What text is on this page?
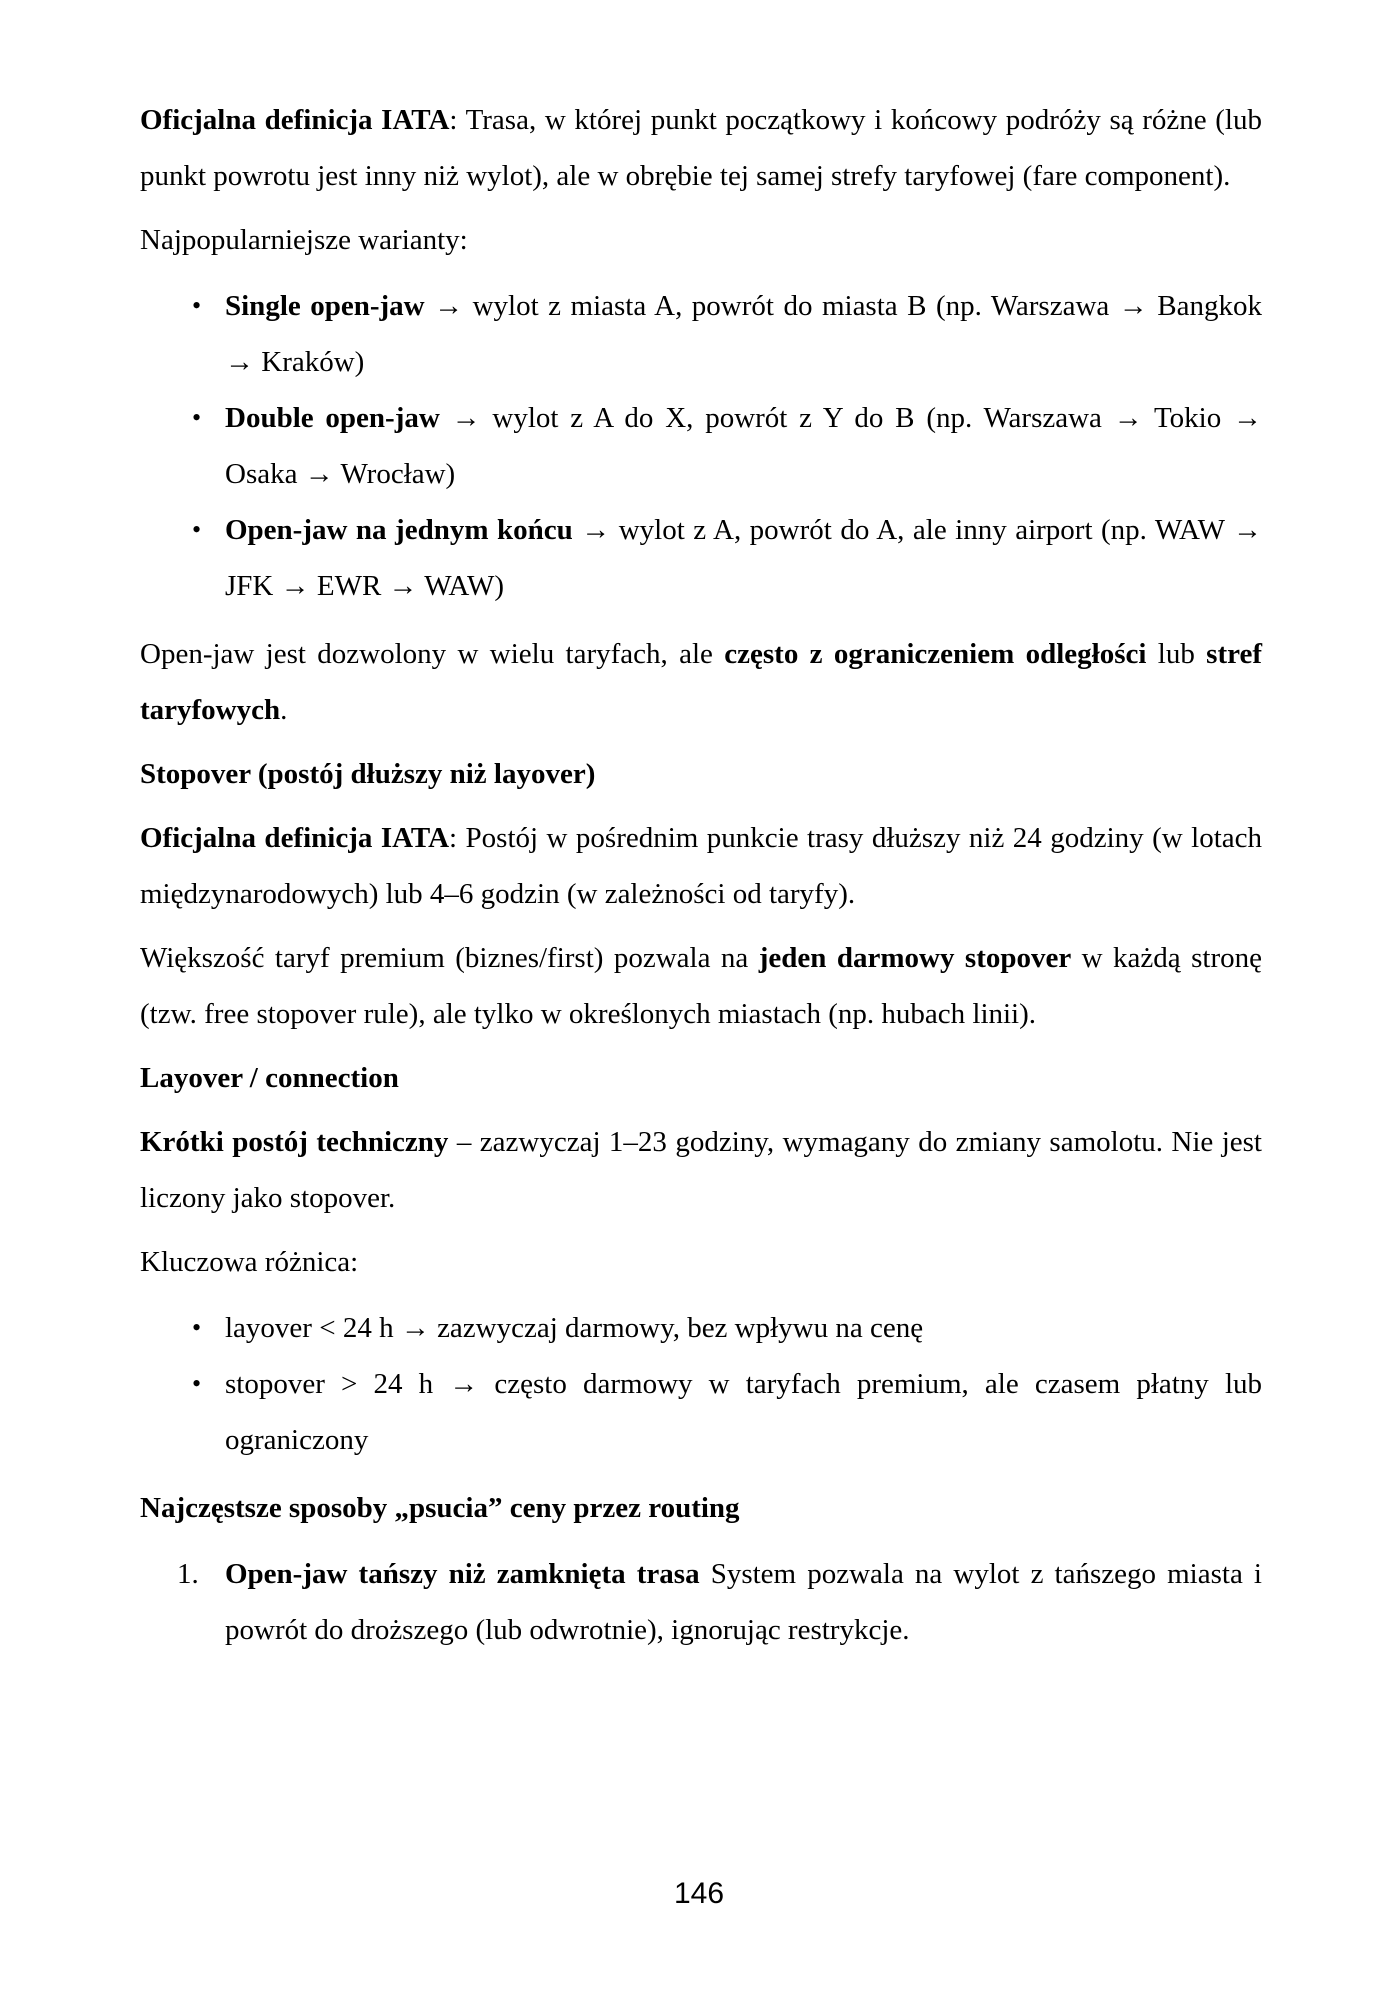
Oficjalna definicja IATA: Trasa, w której punkt początkowy i końcowy podróży są różne (lub punkt powrotu jest inny niż wylot), ale w obrębie tej samej strefy taryfowej (fare component).

Najpopularniejsze warianty:

• Single open-jaw → wylot z miasta A, powrót do miasta B (np. Warszawa → Bangkok → Kraków)
• Double open-jaw → wylot z A do X, powrót z Y do B (np. Warszawa → Tokio → Osaka → Wrocław)
• Open-jaw na jednym końcu → wylot z A, powrót do A, ale inny airport (np. WAW → JFK → EWR → WAW)

Open-jaw jest dozwolony w wielu taryfach, ale często z ograniczeniem odległości lub stref taryfowych.

Stopover (postój dłuższy niż layover)

Oficjalna definicja IATA: Postój w pośrednim punkcie trasy dłuższy niż 24 godziny (w lotach międzynarodowych) lub 4–6 godzin (w zależności od taryfy).

Większość taryf premium (biznes/first) pozwala na jeden darmowy stopover w każdą stronę (tzw. free stopover rule), ale tylko w określonych miastach (np. hubach linii).

Layover / connection

Krótki postój techniczny – zazwyczaj 1–23 godziny, wymagany do zmiany samolotu. Nie jest liczony jako stopover.

Kluczowa różnica:

• layover < 24 h → zazwyczaj darmowy, bez wpływu na cenę
• stopover > 24 h → często darmowy w taryfach premium, ale czasem płatny lub ograniczony

Najczęstsze sposoby „psucia” ceny przez routing

1. Open-jaw tańszy niż zamknięta trasa System pozwala na wylot z tańszego miasta i powrót do droższego (lub odwrotnie), ignorując restrykcje.
146
